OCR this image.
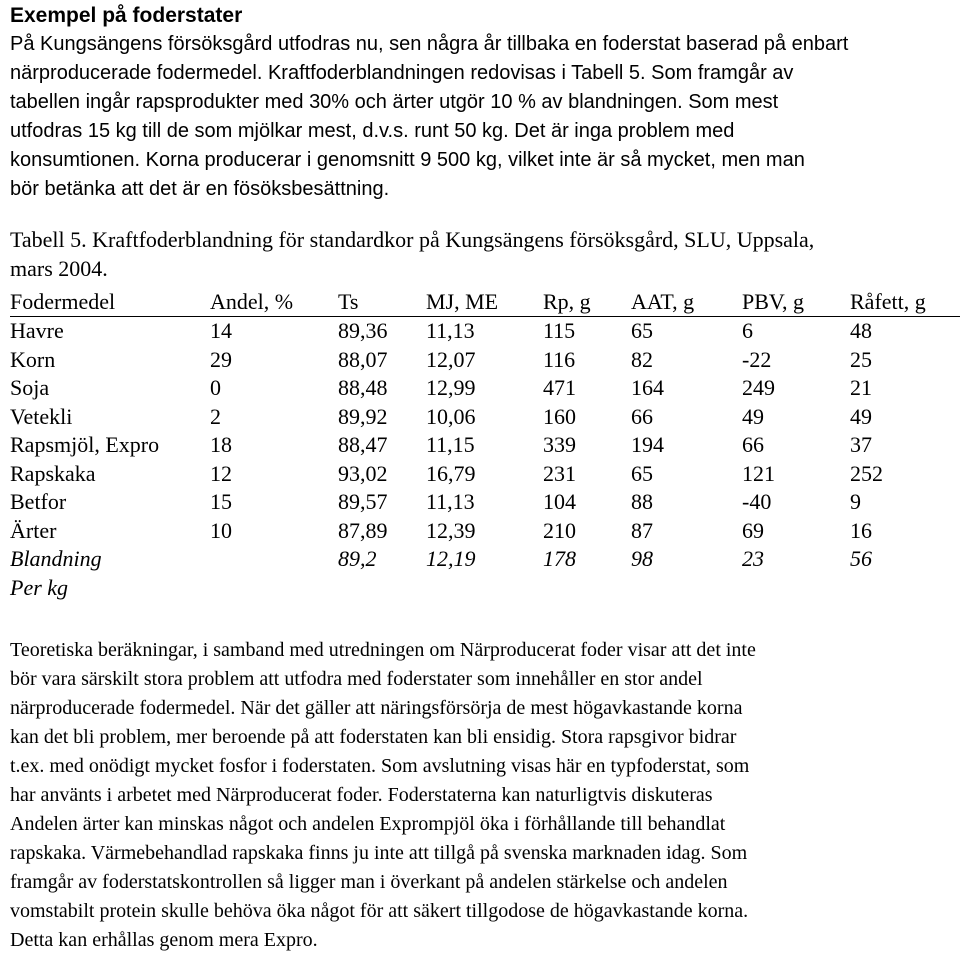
Exempel på foderstater
På Kungsängens försöksgård utfodras nu, sen några år tillbaka en foderstat baserad på enbart
närproducerade fodermedel. Kraftfoderblandningen redovisas i Tabell 5. Som framgår av
tabellen ingår rapsprodukter med 30% och ärter utgör 10 % av blandningen. Som mest
utfodras 15 kg till de som mjölkar mest, d.v.s. runt 50 kg. Det är inga problem med
konsumtionen. Korna producerar i genomsnitt 9 500 kg, vilket inte är så mycket, men man
bör betänka att det är en fösöksbesättning.
Tabell 5. Kraftfoderblandning för standardkor på Kungsängens försöksgård, SLU, Uppsala,
mars 2004.
Fodermedel	Andel, %	Ts	MJ, ME	Rp, g	AAT, g	PBV, g	Råfett, g
Havre	14	89,36	11,13	115	65	6	48
Korn	29	88,07	12,07	116	82	-22	25
Soja	0	88,48	12,99	471	164	249	21
Vetekli	2	89,92	10,06	160	66	49	49
Rapsmjöl, Expro	18	88,47	11,15	339	194	66	37
Rapskaka	12	93,02	16,79	231	65	121	252
Betfor	15	89,57	11,13	104	88	-40	9
Ärter	10	87,89	12,39	210	87	69	16
Blandning		89,2	12,19	178	98	23	56
Per kg							
Teoretiska beräkningar, i samband med utredningen om Närproducerat foder visar att det inte
bör vara särskilt stora problem att utfodra med foderstater som innehåller en stor andel
närproducerade fodermedel. När det gäller att näringsförsörja de mest högavkastande korna
kan det bli problem, mer beroende på att foderstaten kan bli ensidig. Stora rapsgivor bidrar
t.ex. med onödigt mycket fosfor i foderstaten. Som avslutning visas här en typfoderstat, som
har använts i arbetet med Närproducerat foder. Foderstaterna kan naturligtvis diskuteras
Andelen ärter kan minskas något och andelen Exprompjöl öka i förhållande till behandlat
rapskaka. Värmebehandlad rapskaka finns ju inte att tillgå på svenska marknaden idag. Som
framgår av foderstatskontrollen så ligger man i överkant på andelen stärkelse och andelen
vomstabilt protein skulle behöva öka något för att säkert tillgodose de högavkastande korna.
Detta kan erhållas genom mera Expro.
